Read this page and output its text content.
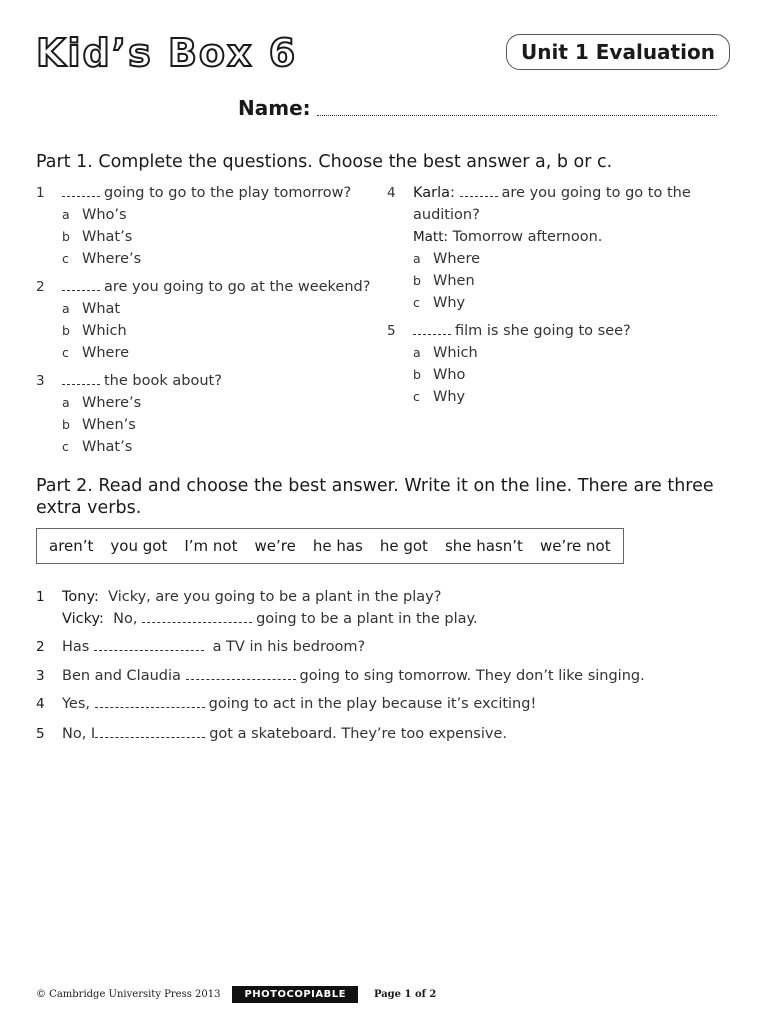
Kid’s Box 6	Unit 1 Evaluation
Name:
Part 1. Complete the questions. Choose the best answer a, b or c.
1	going to go to the play tomorrow?
a Who’s
b What’s
c Where’s
2	are you going to go at the weekend?
a What
b Which
c Where
3	the book about?
a Where’s
b When’s
c What’s
4	Karla:	are you going to go to the
audition?
Matt: Tomorrow afternoon.
a Where
b When
c Why
5	film is she going to see?
a Which
b Who
c Why
Part 2. Read and choose the best answer. Write it on the line. There are three extra verbs.
aren’t you got I’m not we’re he has he got she hasn’t we’re not
1	Tony: Vicky, are you going to be a plant in the play?
Vicky: No,	going to be a plant in the play.
2	Has	a TV in his bedroom?
3	Ben and Claudia	going to sing tomorrow. They don’t like singing.
4	Yes,	going to act in the play because it’s exciting!
5	No, I	got a skateboard. They’re too expensive.
© Cambridge University Press 2013	PHOTOCOPIABLE	Page 1 of 2
